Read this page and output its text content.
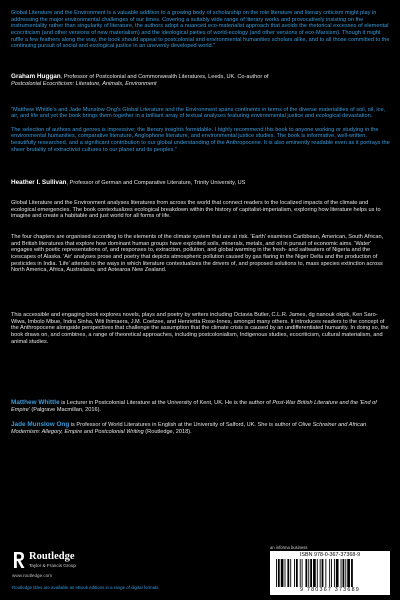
Global Literature and the Environment is a valuable addition to a growing body of scholarship on the role literature and literary criticism might play in addressing the major environmental challenges of our times. Covering a suitably wide range of literary works and provocatively insisting on the instrumentality rather than singularity of literature, the authors adopt a nuanced eco-materialist approach that avoids the rhetorical excesses of elemental ecocriticism (and other versions of new materialism) and the ideological pieties of world-ecology (and other versions of eco-Marxism). Though it might ruffle a few feathers along the way, the book should appeal to postcolonial and environmental humanities scholars alike, and to all those committed to the continuing pursuit of social and ecological justice in an unevenly developed world."

Graham Huggan, Professor of Postcolonial and Commonwealth Literatures, Leeds, UK. Co-author of
Postcolonial Ecocriticism: Literature, Animals, Environment

"Matthew Whittle's and Jade Munslow Ong's Global Literature and the Environment spans continents in terms of the diverse materialities of soil, oil, ice, air, and life and yet the book brings them together in a brilliant array of textual analyses featuring environmental justice and ecological devastation.

The selection of authors and genres is impressive; the literary insights formidable. I highly recommend this book to anyone working or studying in the environmental humanities, comparative literature, Anglophone literature, and environmental justice studies. The book is informative, well-written, beautifully researched, and a significant contribution to our global understanding of the Anthropocene. It is also eminently readable even as it portrays the sheer brutality of extractivist cultures to our planet and its peoples."

Heather I. Sullivan, Professor of German and Comparative Literature, Trinity University, US

Global Literature and the Environment analyses literatures from across the world that connect readers to the localized impacts of the climate and ecological emergencies. The book contextualizes ecological breakdown within the history of capitalist-imperialism, exploring how literature helps us to imagine and create a habitable and just world for all forms of life.

The four chapters are organised according to the elements of the climate system that are at risk. 'Earth' examines Caribbean, American, South African, and British literatures that explore how dominant human groups have exploited soils, minerals, metals, and oil in pursuit of economic aims. 'Water' engages with poetic representations of, and responses to, extraction, pollution, and global warming in the fresh- and saltwaters of Nigeria and the icescapes of Alaska. 'Air' analyses prose and poetry that depicts atmospheric pollution caused by gas flaring in the Niger Delta and the production of pesticides in India. 'Life' attends to the ways in which literature contextualizes the drivers of, and proposed solutions to, mass species extinction across North America, Africa, Australasia, and Aotearoa New Zealand.

This accessible and engaging book explores novels, plays and poetry by writers including Octavia Butler, C.L.R. James, dg nanouk okpik, Ken Saro-Wiwa, Imbolo Mbue, Indra Sinha, Witi Ihimaera, J.M. Coetzee, and Henrietta Rose-Innes, amongst many others. It introduces readers to the concept of the Anthropocene alongside perspectives that challenge the assumption that the climate crisis is caused by an undifferentiated humanity. In doing so, the book draws on, and combines, a range of theoretical approaches, including postcolonialism, Indigenous studies, ecocriticism, cultural materialism, and animal studies.

Matthew Whittle is Lecturer in Postcolonial Literature at the University of Kent, UK. He is the author of Post-War British Literature and the 'End of Empire' (Palgrave Macmillan, 2016).

Jade Munslow Ong is Professor of World Literatures in English at the University of Salford, UK. She is author of Olive Schreiner and African Modernism: Allegory, Empire and Postcolonial Writing (Routledge, 2018).

Routledge
Taylor & Francis Group
www.routledge.com
Routledge titles are available as eBook editions in a range of digital formats
an informa business
ISBN 978-0-367-37368-9
9 780367 373689
